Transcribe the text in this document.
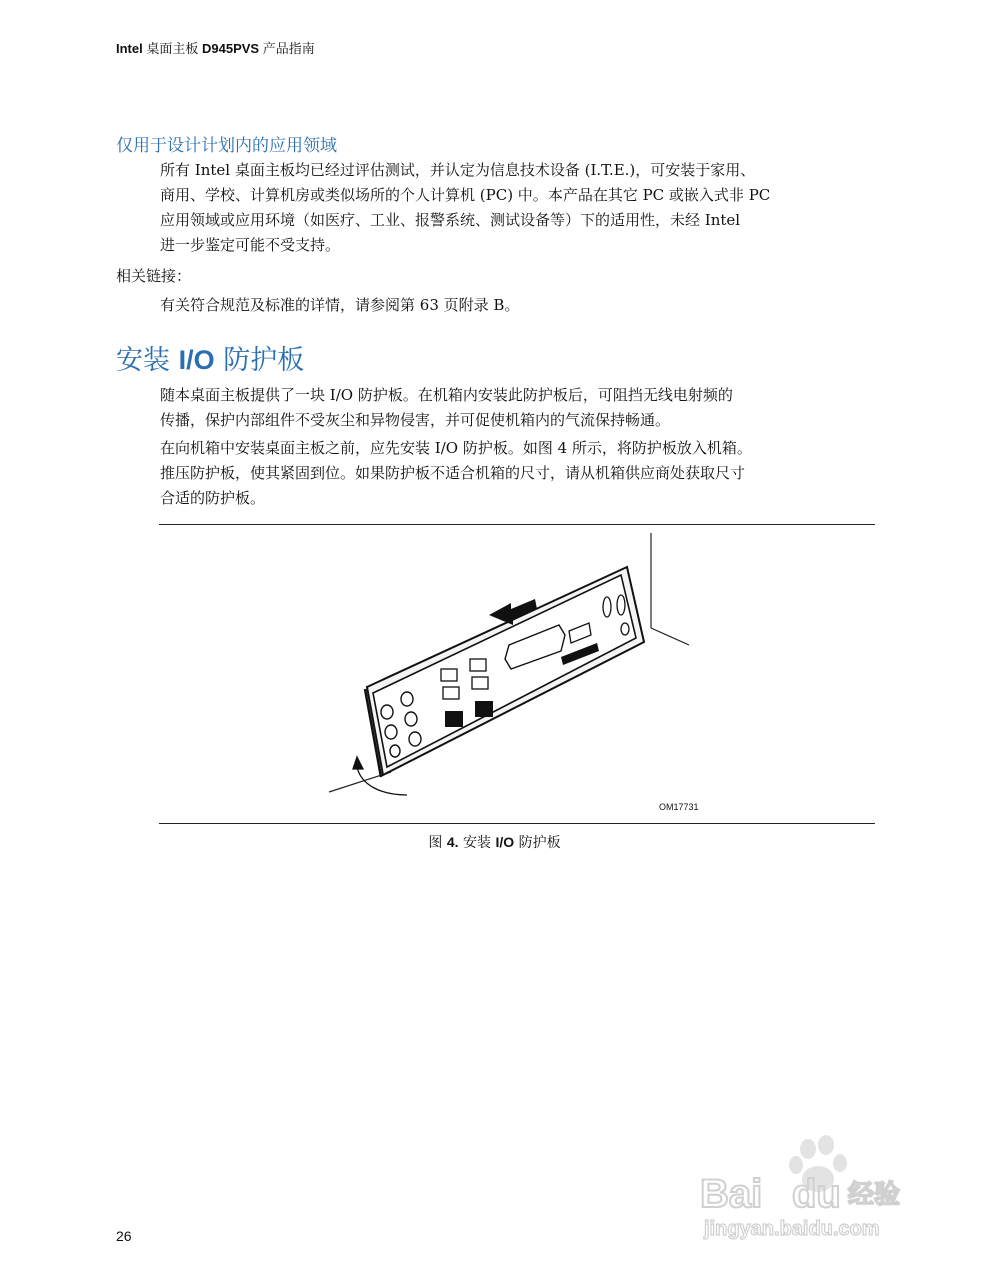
Intel 桌面主板 D945PVS 产品指南
仅用于设计计划内的应用领域
所有 Intel 桌面主板均已经过评估测试，并认定为信息技术设备 (I.T.E.)，可安装于家用、
商用、学校、计算机房或类似场所的个人计算机 (PC) 中。本产品在其它 PC 或嵌入式非 PC
应用领域或应用环境（如医疗、工业、报警系统、测试设备等）下的适用性，未经 Intel
进一步鉴定可能不受支持。
相关链接：
有关符合规范及标准的详情，请参阅第 63 页附录 B。
安装 I/O 防护板
随本桌面主板提供了一块 I/O 防护板。在机箱内安装此防护板后，可阻挡无线电射频的
传播，保护内部组件不受灰尘和异物侵害，并可促使机箱内的气流保持畅通。
在向机箱中安装桌面主板之前，应先安装 I/O 防护板。如图 4 所示，将防护板放入机箱。
推压防护板，使其紧固到位。如果防护板不适合机箱的尺寸，请从机箱供应商处获取尺寸
合适的防护板。
OM17731
图 4. 安装 I/O 防护板
26
Bai du 经验
jingyan.baidu.com
